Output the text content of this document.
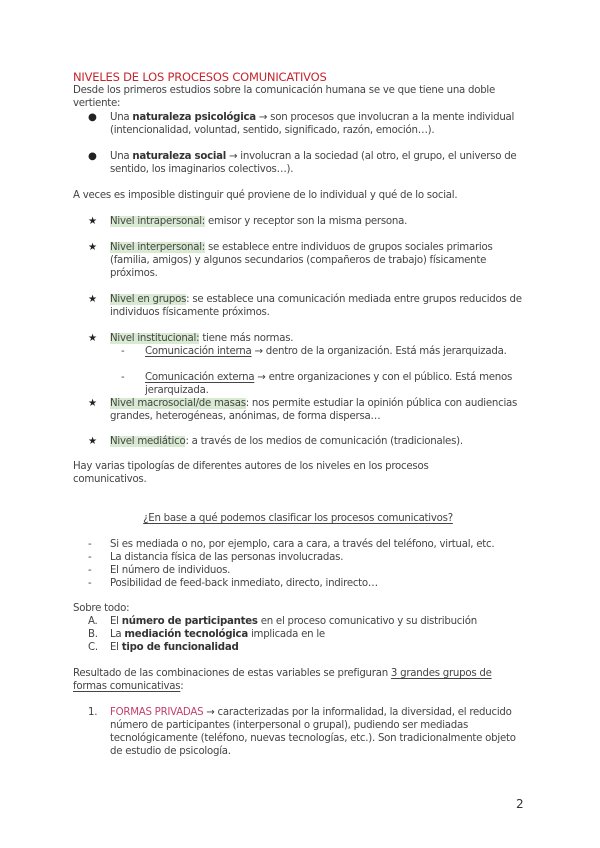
NIVELES DE LOS PROCESOS COMUNICATIVOS
Desde los primeros estudios sobre la comunicación humana se ve que tiene una doble vertiente:
● Una naturaleza psicológica → son procesos que involucran a la mente individual (intencionalidad, voluntad, sentido, significado, razón, emoción…).
● Una naturaleza social → involucran a la sociedad (al otro, el grupo, el universo de sentido, los imaginarios colectivos…).
A veces es imposible distinguir qué proviene de lo individual y qué de lo social.
★ Nivel intrapersonal: emisor y receptor son la misma persona.
★ Nivel interpersonal: se establece entre individuos de grupos sociales primarios (familia, amigos) y algunos secundarios (compañeros de trabajo) físicamente próximos.
★ Nivel en grupos: se establece una comunicación mediada entre grupos reducidos de individuos físicamente próximos.
★ Nivel institucional: tiene más normas.
- Comunicación interna → dentro de la organización. Está más jerarquizada.
- Comunicación externa → entre organizaciones y con el público. Está menos jerarquizada.
★ Nivel macrosocial/de masas: nos permite estudiar la opinión pública con audiencias grandes, heterogéneas, anónimas, de forma dispersa…
★ Nivel mediático: a través de los medios de comunicación (tradicionales).
Hay varias tipologías de diferentes autores de los niveles en los procesos comunicativos.
¿En base a qué podemos clasificar los procesos comunicativos?
- Si es mediada o no, por ejemplo, cara a cara, a través del teléfono, virtual, etc.
- La distancia física de las personas involucradas.
- El número de individuos.
- Posibilidad de feed-back inmediato, directo, indirecto…
Sobre todo:
A. El número de participantes en el proceso comunicativo y su distribución
B. La mediación tecnológica implicada en le
C. El tipo de funcionalidad
Resultado de las combinaciones de estas variables se prefiguran 3 grandes grupos de formas comunicativas:
1. FORMAS PRIVADAS → caracterizadas por la informalidad, la diversidad, el reducido número de participantes (interpersonal o grupal), pudiendo ser mediadas tecnológicamente (teléfono, nuevas tecnologías, etc.). Son tradicionalmente objeto de estudio de psicología.
2
